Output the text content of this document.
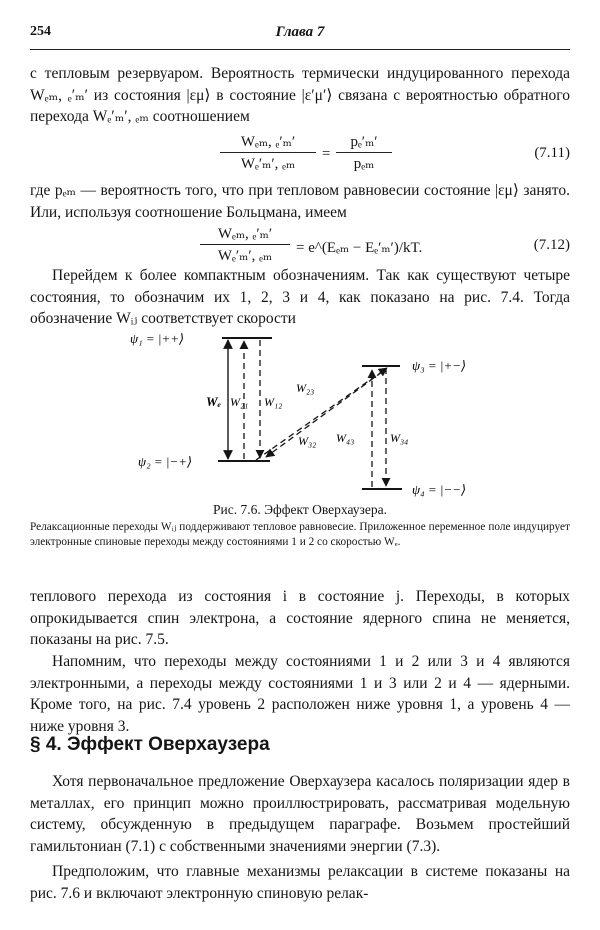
254	Глава 7

с тепловым резервуаром. Вероятность термически индуцированного перехода Wₑₘ, ₑ′ₘ′ из состояния |εμ⟩ в состояние |ε′μ′⟩ связана с вероятностью обратного перехода Wₑ′ₘ′, ₑₘ соотношением

Wₑₘ, ₑ′ₘ′
Wₑ′ₘ′, ₑₘ
=
pₑ′ₘ′
pₑₘ
(7.11)

где pₑₘ — вероятность того, что при тепловом равновесии состояние |εμ⟩ занято. Или, используя соотношение Больцмана, имеем

Wₑₘ, ₑ′ₘ′
Wₑ′ₘ′, ₑₘ	= e^(Eₑₘ − Eₑ′ₘ′)/kT.	(7.12)

Перейдем к более компактным обозначениям. Так как существуют четыре состояния, то обозначим их 1, 2, 3 и 4, как показано на рис. 7.4. Тогда обозначение Wᵢⱼ соответствует скорости

ψ₁ = |++⟩
ψ₂ = |−+⟩
ψ₃ = |+−⟩
ψ₄ = |−−⟩
Wₑ W₂₁ W₁₂
W₂₃
W₃₂ W₄₃	W₃₄
Рис. 7.6. Эффект Оверхаузера.
Релаксационные переходы Wᵢⱼ поддерживают тепловое равновесие. Приложенное переменное поле индуцирует электронные спиновые переходы между состояниями 1 и 2 со скоростью Wₑ.

теплового перехода из состояния i в состояние j. Переходы, в которых опрокидывается спин электрона, а состояние ядерного спина не меняется, показаны на рис. 7.5.

Напомним, что переходы между состояниями 1 и 2 или 3 и 4 являются электронными, а переходы между состояниями 1 и 3 или 2 и 4 — ядерными. Кроме того, на рис. 7.4 уровень 2 расположен ниже уровня 1, а уровень 4 — ниже уровня 3.

§ 4. Эффект Оверхаузера

Хотя первоначальное предложение Оверхаузера касалось поляризации ядер в металлах, его принцип можно проиллюстрировать, рассматривая модельную систему, обсужденную в предыдущем параграфе. Возьмем простейший гамильтониан (7.1) с собственными значениями энергии (7.3).

Предположим, что главные механизмы релаксации в системе показаны на рис. 7.6 и включают электронную спиновую релак-
